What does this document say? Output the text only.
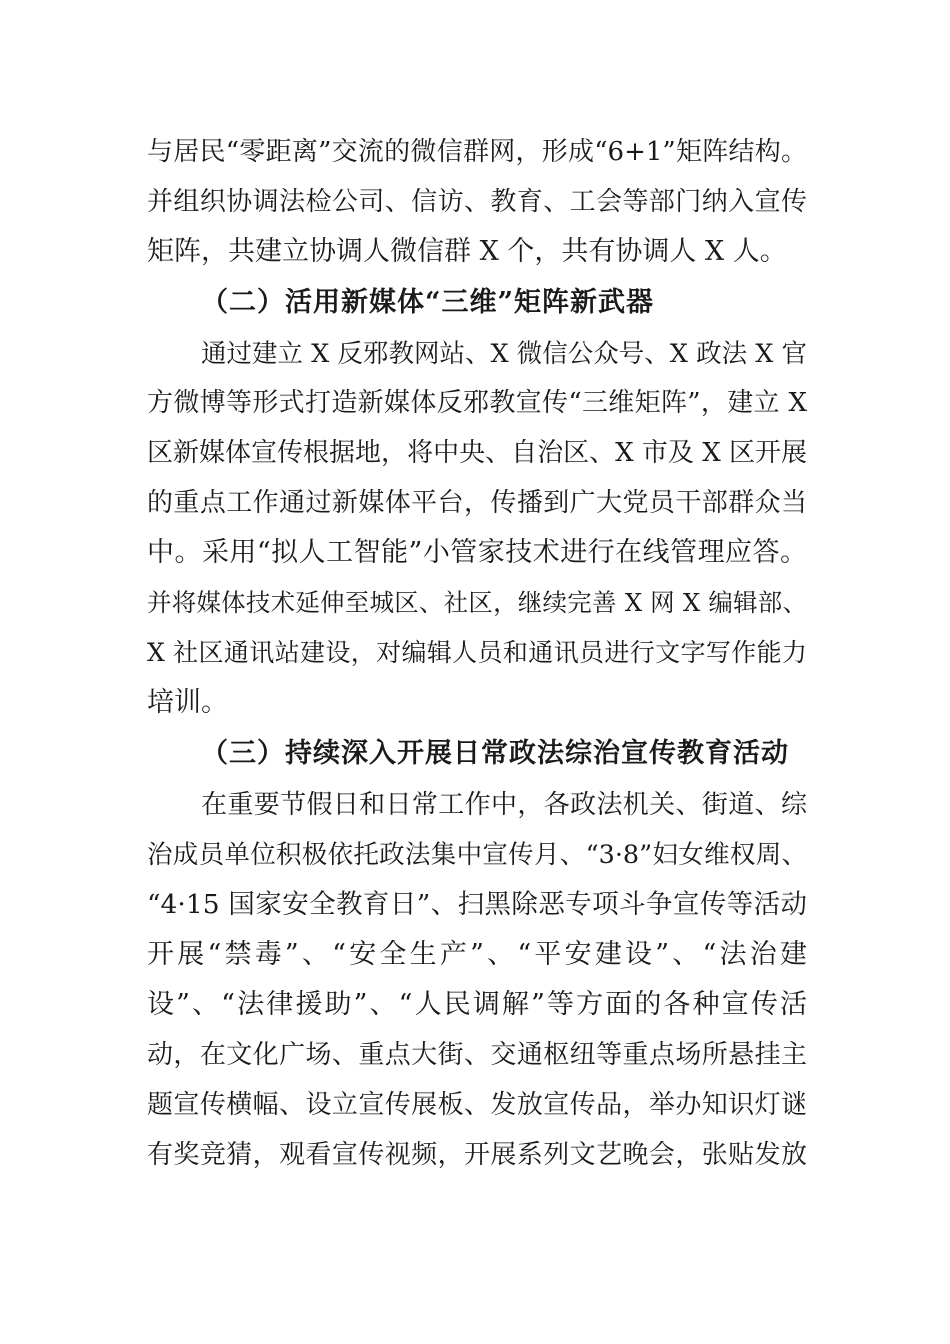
与居民“零距离”交流的微信群网，形成“6+1”矩阵结构。
并组织协调法检公司、信访、教育、工会等部门纳入宣传
矩阵，共建立协调人微信群 X 个，共有协调人 X 人。
（二）活用新媒体“三维”矩阵新武器
通过建立 X 反邪教网站、X 微信公众号、X 政法 X 官
方微博等形式打造新媒体反邪教宣传“三维矩阵”，建立 X
区新媒体宣传根据地，将中央、自治区、X 市及 X 区开展
的重点工作通过新媒体平台，传播到广大党员干部群众当
中。采用“拟人工智能”小管家技术进行在线管理应答。
并将媒体技术延伸至城区、社区，继续完善 X 网 X 编辑部、
X 社区通讯站建设，对编辑人员和通讯员进行文字写作能力
培训。
（三）持续深入开展日常政法综治宣传教育活动
在重要节假日和日常工作中，各政法机关、街道、综
治成员单位积极依托政法集中宣传月、“3·8”妇女维权周、
“4·15 国家安全教育日”、扫黑除恶专项斗争宣传等活动
开展“禁毒”、“安全生产”、“平安建设”、“法治建
设”、“法律援助”、“人民调解”等方面的各种宣传活
动，在文化广场、重点大街、交通枢纽等重点场所悬挂主
题宣传横幅、设立宣传展板、发放宣传品，举办知识灯谜
有奖竞猜，观看宣传视频，开展系列文艺晚会，张贴发放
